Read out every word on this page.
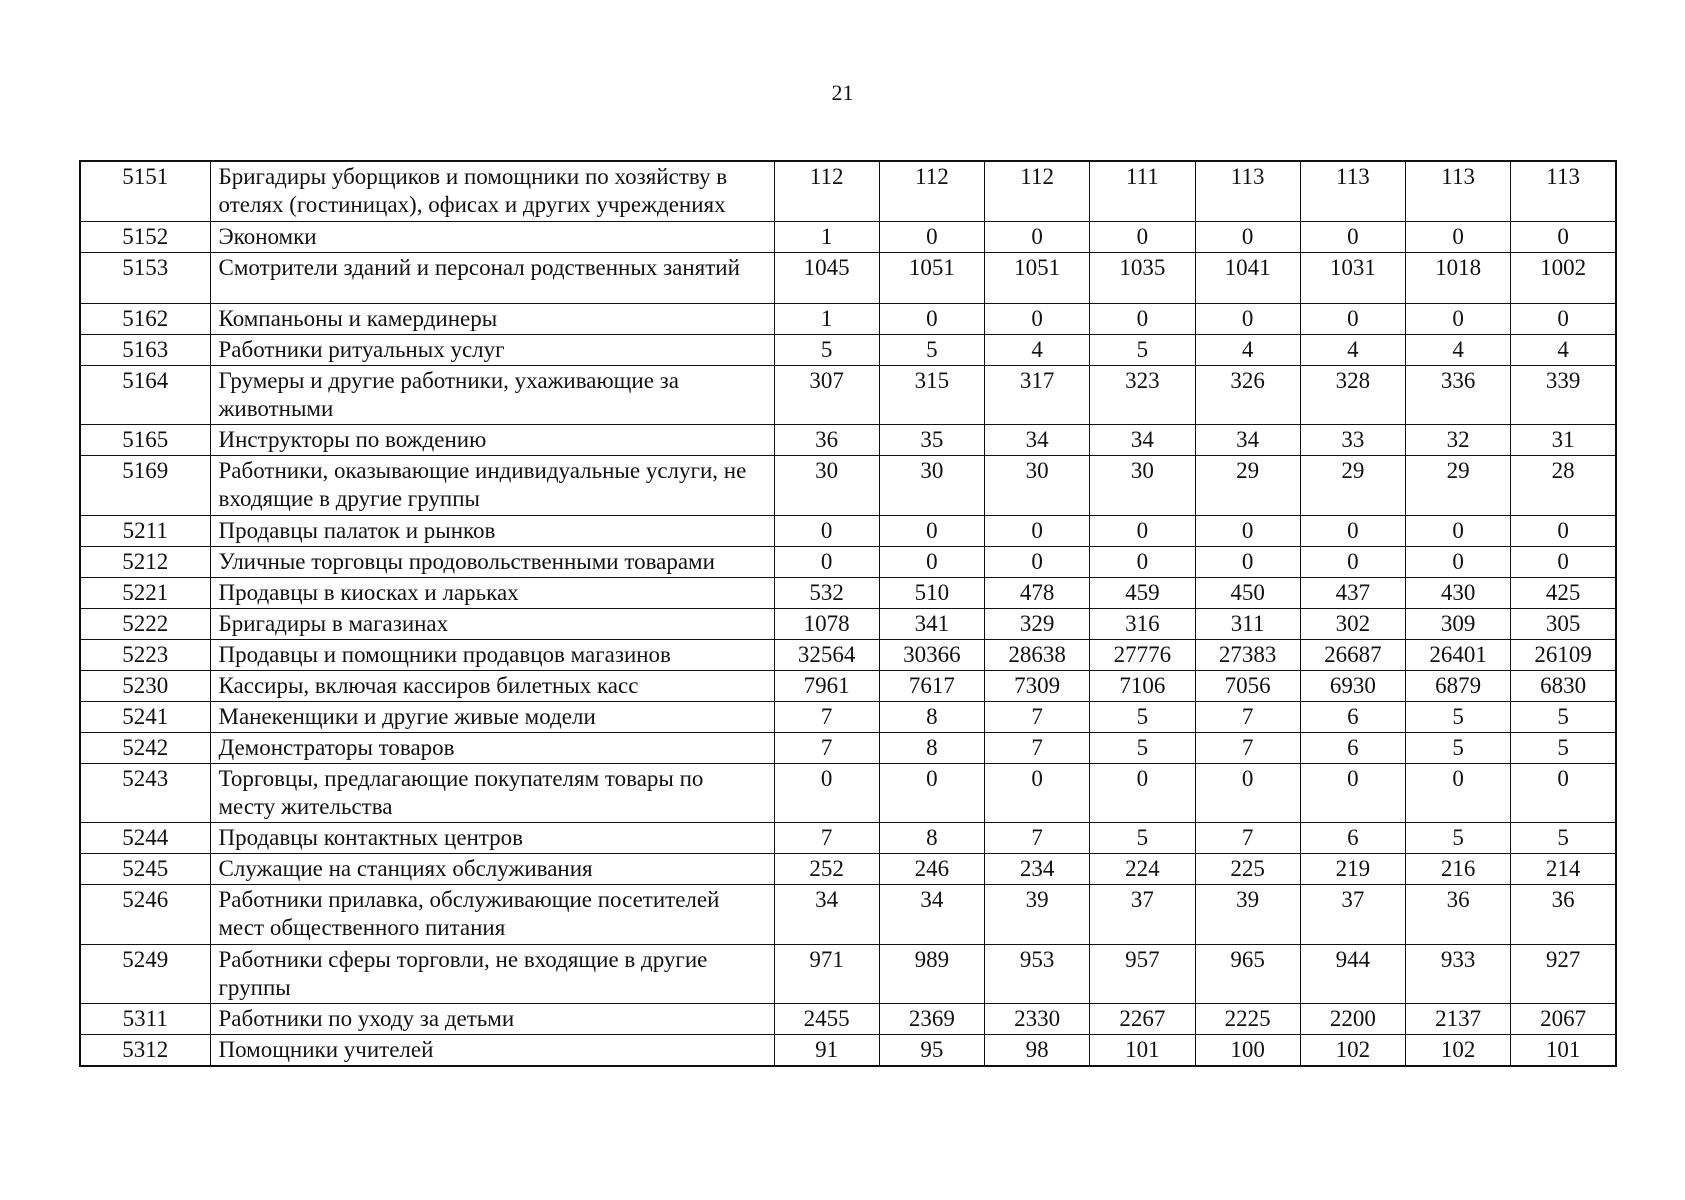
21
5151	Бригадиры уборщиков и помощники по хозяйству в отелях (гостиницах), офисах и других учреждениях	112	112	112	111	113	113	113	113
5152	Экономки	1	0	0	0	0	0	0	0
5153	Смотрители зданий и персонал родственных занятий	1045	1051	1051	1035	1041	1031	1018	1002
5162	Компаньоны и камердинеры	1	0	0	0	0	0	0	0
5163	Работники ритуальных услуг	5	5	4	5	4	4	4	4
5164	Грумеры и другие работники, ухаживающие за животными	307	315	317	323	326	328	336	339
5165	Инструкторы по вождению	36	35	34	34	34	33	32	31
5169	Работники, оказывающие индивидуальные услуги, не входящие в другие группы	30	30	30	30	29	29	29	28
5211	Продавцы палаток и рынков	0	0	0	0	0	0	0	0
5212	Уличные торговцы продовольственными товарами	0	0	0	0	0	0	0	0
5221	Продавцы в киосках и ларьках	532	510	478	459	450	437	430	425
5222	Бригадиры в магазинах	1078	341	329	316	311	302	309	305
5223	Продавцы и помощники продавцов магазинов	32564	30366	28638	27776	27383	26687	26401	26109
5230	Кассиры, включая кассиров билетных касс	7961	7617	7309	7106	7056	6930	6879	6830
5241	Манекенщики и другие живые модели	7	8	7	5	7	6	5	5
5242	Демонстраторы товаров	7	8	7	5	7	6	5	5
5243	Торговцы, предлагающие покупателям товары по месту жительства	0	0	0	0	0	0	0	0
5244	Продавцы контактных центров	7	8	7	5	7	6	5	5
5245	Служащие на станциях обслуживания	252	246	234	224	225	219	216	214
5246	Работники прилавка, обслуживающие посетителей мест общественного питания	34	34	39	37	39	37	36	36
5249	Работники сферы торговли, не входящие в другие группы	971	989	953	957	965	944	933	927
5311	Работники по уходу за детьми	2455	2369	2330	2267	2225	2200	2137	2067
5312	Помощники учителей	91	95	98	101	100	102	102	101
